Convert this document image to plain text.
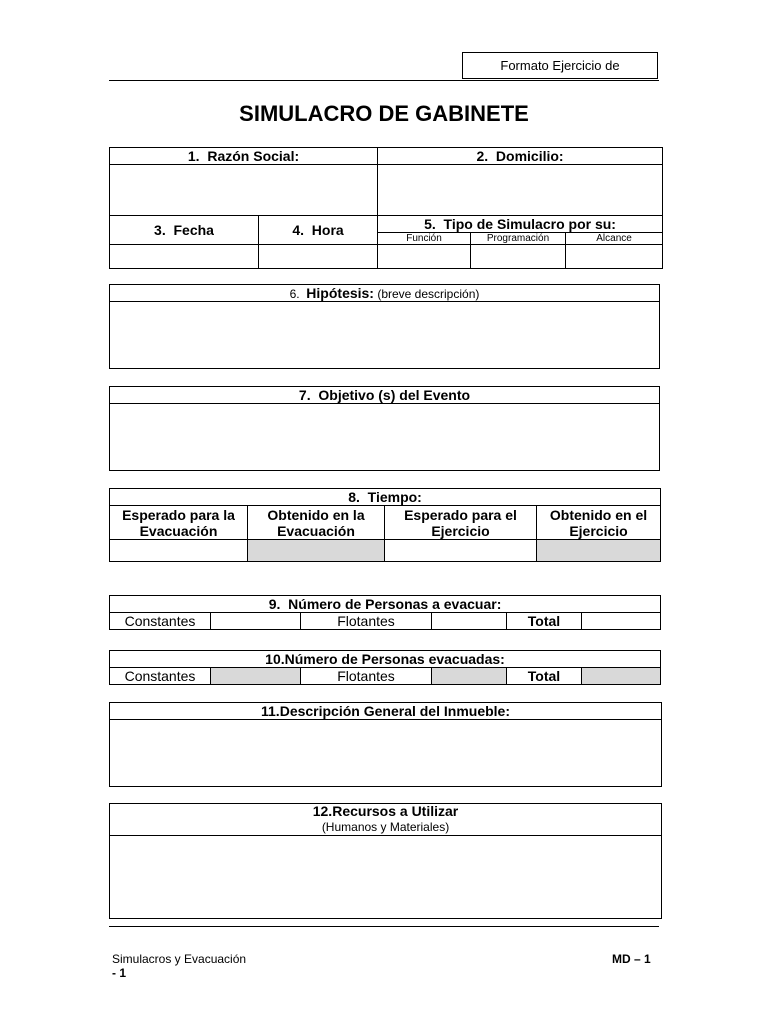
Formato Ejercicio de
SIMULACRO DE GABINETE
1. Razón Social:		2. Domicilio:		

3. Fecha	4. Hora	5. Tipo de Simulacro por su:		
		Función	Programación	Alcance

6. Hipótesis: (breve descripción)

7. Objetivo (s) del Evento

8. Tiempo:			
Esperado para la Evacuación	Obtenido en la Evacuación	Esperado para el Ejercicio	Obtenido en el Ejercicio

9. Número de Personas a evacuar:
Constantes		Flotantes		Total	
10.Número de Personas evacuadas:
Constantes		Flotantes		Total	
11.Descripción General del Inmueble:

12.Recursos a Utilizar
(Humanos y Materiales)

Simulacros y Evacuación
- 1
MD – 1
